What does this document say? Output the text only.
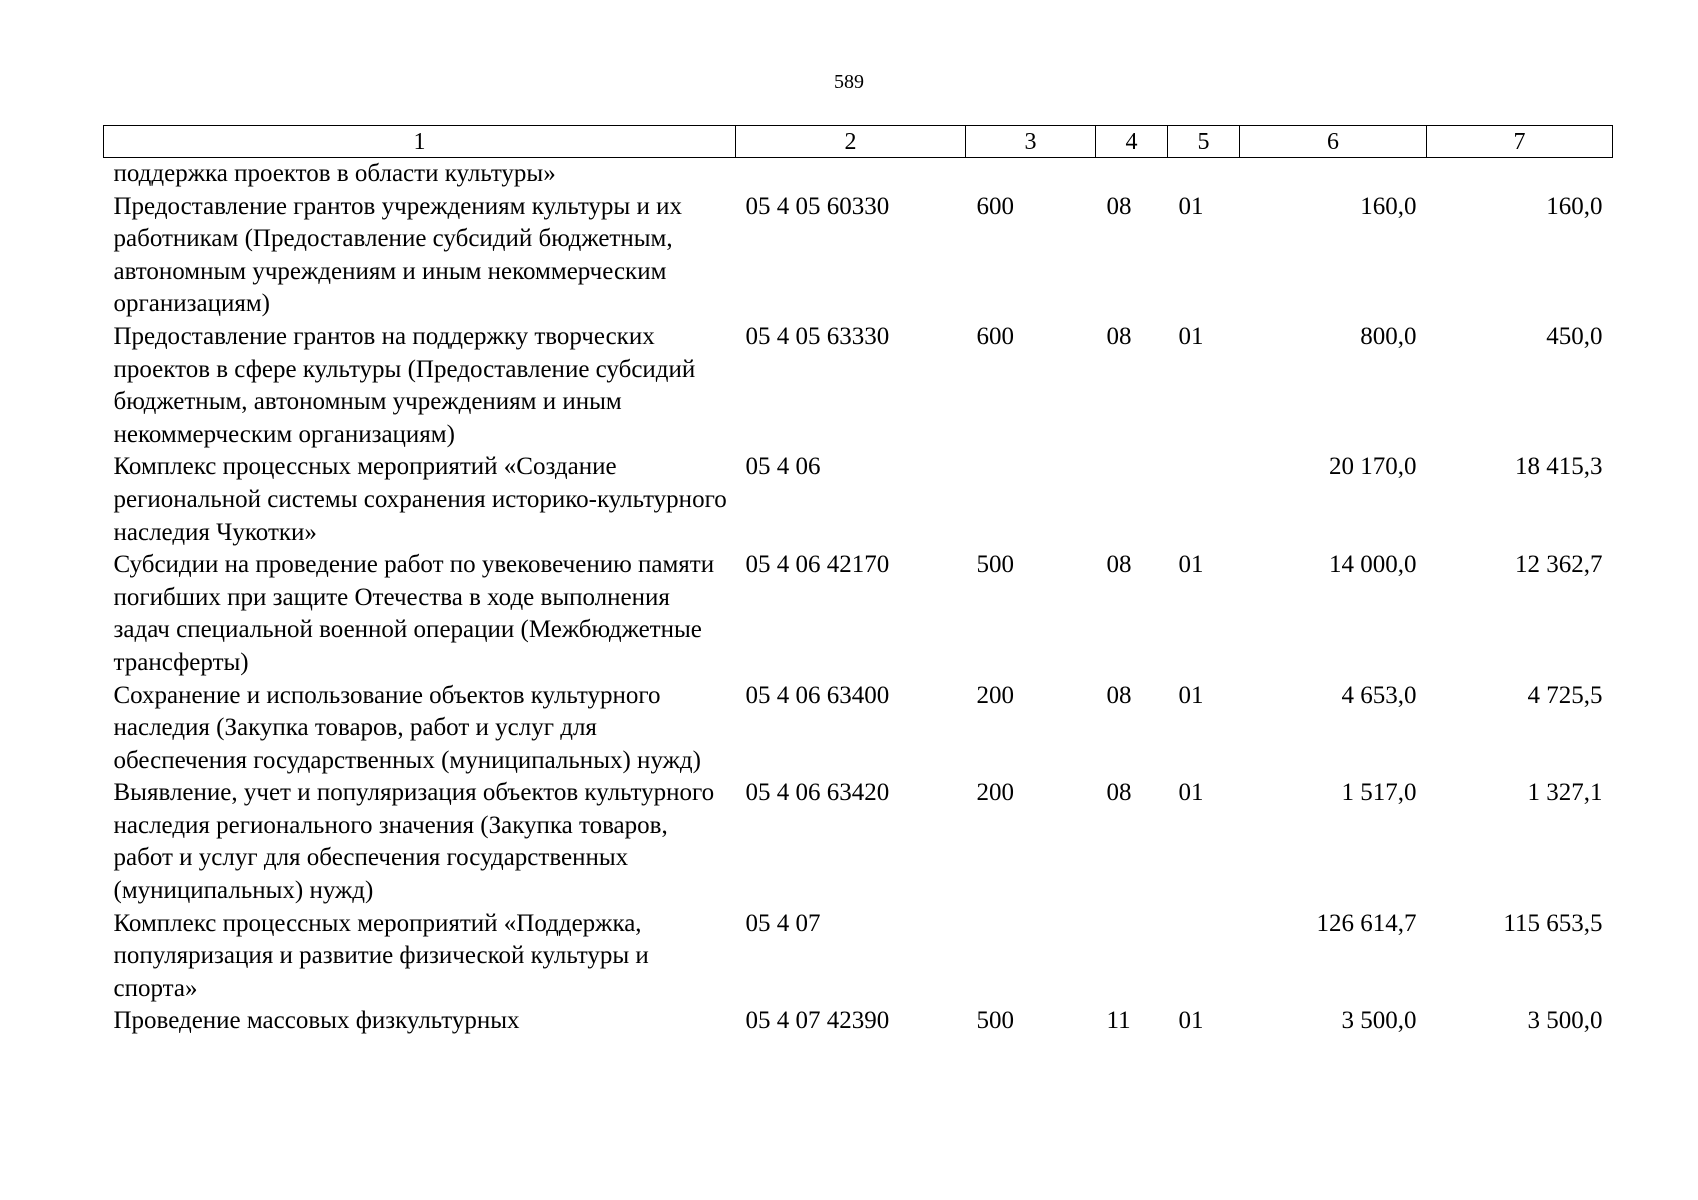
589
1	2	3	4	5	6	7
поддержка проектов в области культуры»						
Предоставление грантов учреждениям культуры и их работникам (Предоставление субсидий бюджетным, автономным учреждениям и иным некоммерческим организациям)	05 4 05 60330	600	08	01	160,0	160,0
Предоставление грантов на поддержку творческих проектов в сфере культуры (Предоставление субсидий бюджетным, автономным учреждениям и иным некоммерческим организациям)	05 4 05 63330	600	08	01	800,0	450,0
Комплекс процессных мероприятий «Создание региональной системы сохранения историко-культурного наследия Чукотки»	05 4 06				20 170,0	18 415,3
Субсидии на проведение работ по увековечению памяти погибших при защите Отечества в ходе выполнения задач специальной военной операции (Межбюджетные трансферты)	05 4 06 42170	500	08	01	14 000,0	12 362,7
Сохранение и использование объектов культурного наследия (Закупка товаров, работ и услуг для обеспечения государственных (муниципальных) нужд)	05 4 06 63400	200	08	01	4 653,0	4 725,5
Выявление, учет и популяризация объектов культурного наследия регионального значения (Закупка товаров, работ и услуг для обеспечения государственных (муниципальных) нужд)	05 4 06 63420	200	08	01	1 517,0	1 327,1
Комплекс процессных мероприятий «Поддержка, популяризация и развитие физической культуры и спорта»	05 4 07				126 614,7	115 653,5
Проведение массовых физкультурных	05 4 07 42390	500	11	01	3 500,0	3 500,0
